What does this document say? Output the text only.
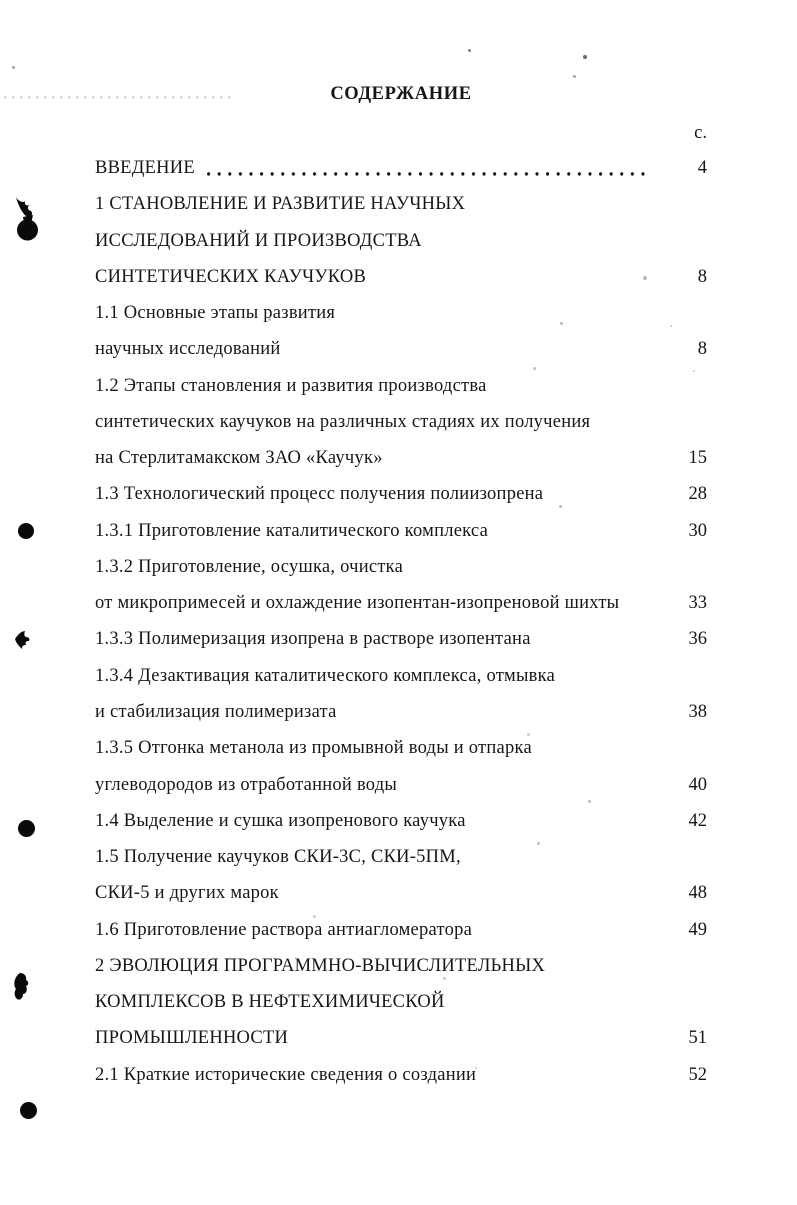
СОДЕРЖАНИЕ
с.
ВВЕДЕНИЕ	4
1 СТАНОВЛЕНИЕ И РАЗВИТИЕ НАУЧНЫХ
ИССЛЕДОВАНИЙ И ПРОИЗВОДСТВА
СИНТЕТИЧЕСКИХ КАУЧУКОВ	8
1.1 Основные этапы развития
научных исследований	8
1.2 Этапы становления и развития производства
синтетических каучуков на различных стадиях их получения
на Стерлитамакском ЗАО «Каучук»	15
1.3 Технологический процесс получения полиизопрена	28
1.3.1 Приготовление каталитического комплекса	30
1.3.2 Приготовление, осушка, очистка
от микропримесей и охлаждение изопентан-изопреновой шихты	33
1.3.3 Полимеризация изопрена в растворе изопентана	36
1.3.4 Дезактивация каталитического комплекса, отмывка
и стабилизация полимеризата	38
1.3.5 Отгонка метанола из промывной воды и отпарка
углеводородов из отработанной воды	40
1.4 Выделение и сушка изопренового каучука	42
1.5 Получение каучуков СКИ-3С, СКИ-5ПМ,
СКИ-5 и других марок	48
1.6 Приготовление раствора антиагломератора	49
2 ЭВОЛЮЦИЯ ПРОГРАММНО-ВЫЧИСЛИТЕЛЬНЫХ
КОМПЛЕКСОВ В НЕФТЕХИМИЧЕСКОЙ
ПРОМЫШЛЕННОСТИ	51
2.1 Краткие исторические сведения о создании	52
